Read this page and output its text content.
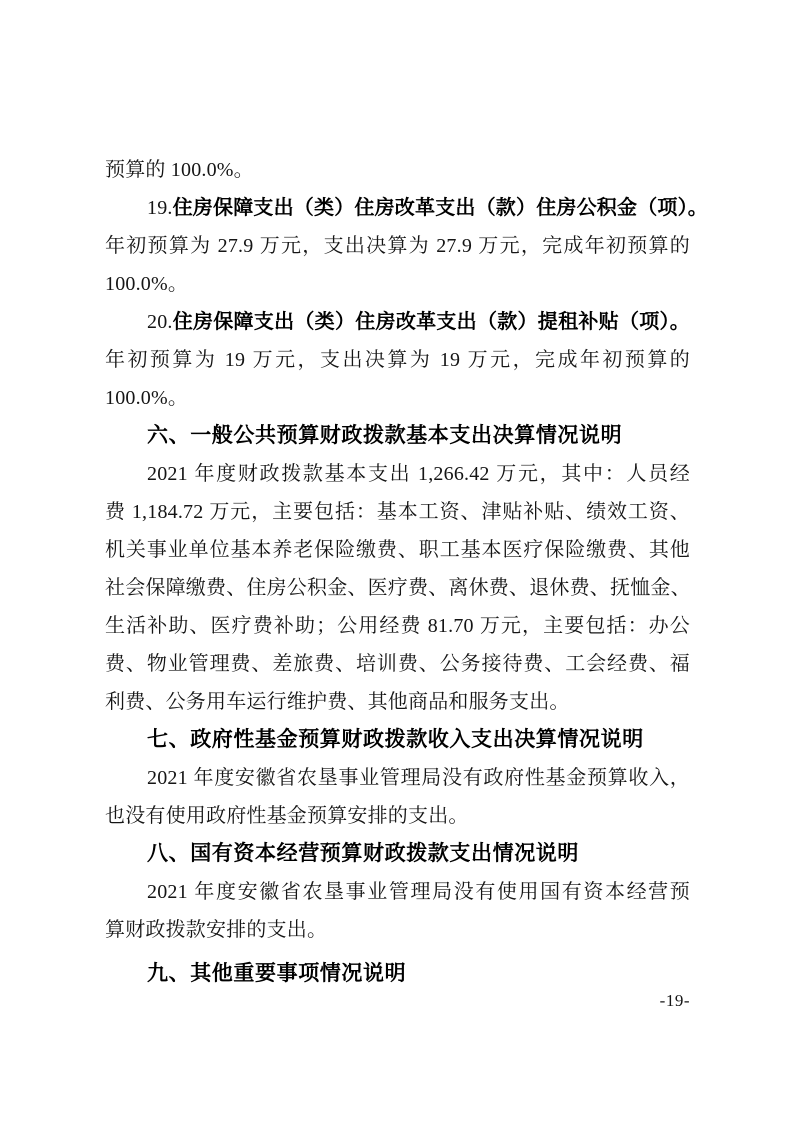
预算的 100.0%。
19.住房保障支出（类）住房改革支出（款）住房公积金（项）。
年初预算为 27.9 万元，支出决算为 27.9 万元，完成年初预算的
100.0%。
20.住房保障支出（类）住房改革支出（款）提租补贴（项）。
年初预算为 19 万元，支出决算为 19 万元，完成年初预算的
100.0%。
六、一般公共预算财政拨款基本支出决算情况说明
2021 年度财政拨款基本支出 1,266.42 万元，其中：人员经
费 1,184.72 万元，主要包括：基本工资、津贴补贴、绩效工资、
机关事业单位基本养老保险缴费、职工基本医疗保险缴费、其他
社会保障缴费、住房公积金、医疗费、离休费、退休费、抚恤金、
生活补助、医疗费补助；公用经费 81.70 万元，主要包括：办公
费、物业管理费、差旅费、培训费、公务接待费、工会经费、福
利费、公务用车运行维护费、其他商品和服务支出。
七、政府性基金预算财政拨款收入支出决算情况说明
2021 年度安徽省农垦事业管理局没有政府性基金预算收入，
也没有使用政府性基金预算安排的支出。
八、国有资本经营预算财政拨款支出情况说明
2021 年度安徽省农垦事业管理局没有使用国有资本经营预
算财政拨款安排的支出。
九、其他重要事项情况说明
-19-
